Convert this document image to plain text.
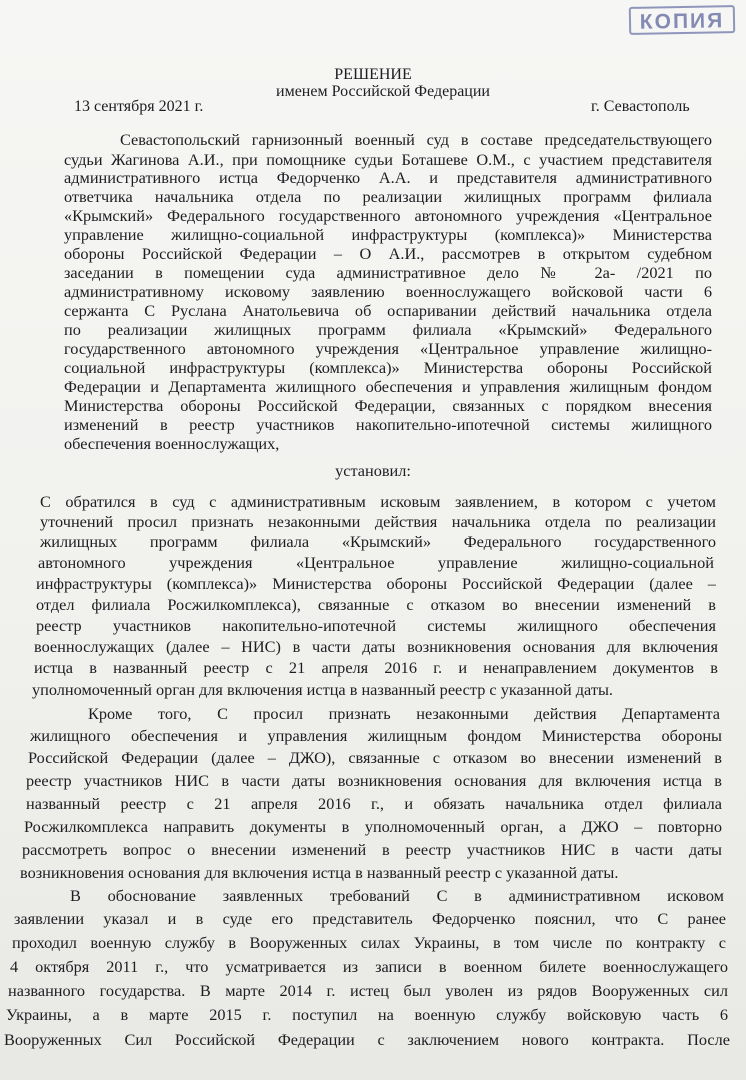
КОПИЯ
РЕШЕНИЕ
именем Российской Федерации
13 сентября 2021 г.	г. Севастополь
Севастопольский гарнизонный военный суд в составе председательствующего
судьи Жагинова А.И., при помощнике судьи Боташеве О.М., с участием представителя
административного истца Федорченко А.А. и представителя административного
ответчика начальника отдела по реализации жилищных программ филиала
«Крымский» Федерального государственного автономного учреждения «Центральное
управление жилищно-социальной инфраструктуры (комплекса)» Министерства
обороны Российской Федерации – О А.И., рассмотрев в открытом судебном
заседании в помещении суда административное дело № 2а- /2021 по
административному исковому заявлению военнослужащего войсковой части 6
сержанта С Руслана Анатольевича об оспаривании действий начальника отдела
по реализации жилищных программ филиала «Крымский» Федерального
государственного автономного учреждения «Центральное управление жилищно-
социальной инфраструктуры (комплекса)» Министерства обороны Российской
Федерации и Департамента жилищного обеспечения и управления жилищным фондом
Министерства обороны Российской Федерации, связанных с порядком внесения
изменений в реестр участников накопительно-ипотечной системы жилищного
обеспечения военнослужащих,
установил:
С обратился в суд с административным исковым заявлением, в котором с учетом
уточнений просил признать незаконными действия начальника отдела по реализации
жилищных программ филиала «Крымский» Федерального государственного
автономного учреждения «Центральное управление жилищно-социальной
инфраструктуры (комплекса)» Министерства обороны Российской Федерации (далее –
отдел филиала Росжилкомплекса), связанные с отказом во внесении изменений в
реестр участников накопительно-ипотечной системы жилищного обеспечения
военнослужащих (далее – НИС) в части даты возникновения основания для включения
истца в названный реестр с 21 апреля 2016 г. и ненаправлением документов в
уполномоченный орган для включения истца в названный реестр с указанной даты.
Кроме того, С просил признать незаконными действия Департамента
жилищного обеспечения и управления жилищным фондом Министерства обороны
Российской Федерации (далее – ДЖО), связанные с отказом во внесении изменений в
реестр участников НИС в части даты возникновения основания для включения истца в
названный реестр с 21 апреля 2016 г., и обязать начальника отдел филиала
Росжилкомплекса направить документы в уполномоченный орган, а ДЖО – повторно
рассмотреть вопрос о внесении изменений в реестр участников НИС в части даты
возникновения основания для включения истца в названный реестр с указанной даты.
В обоснование заявленных требований С в административном исковом
заявлении указал и в суде его представитель Федорченко пояснил, что С ранее
проходил военную службу в Вооруженных силах Украины, в том числе по контракту с
4 октября 2011 г., что усматривается из записи в военном билете военнослужащего
названного государства. В марте 2014 г. истец был уволен из рядов Вооруженных сил
Украины, а в марте 2015 г. поступил на военную службу войсковую часть 6
Вооруженных Сил Российской Федерации с заключением нового контракта. После
